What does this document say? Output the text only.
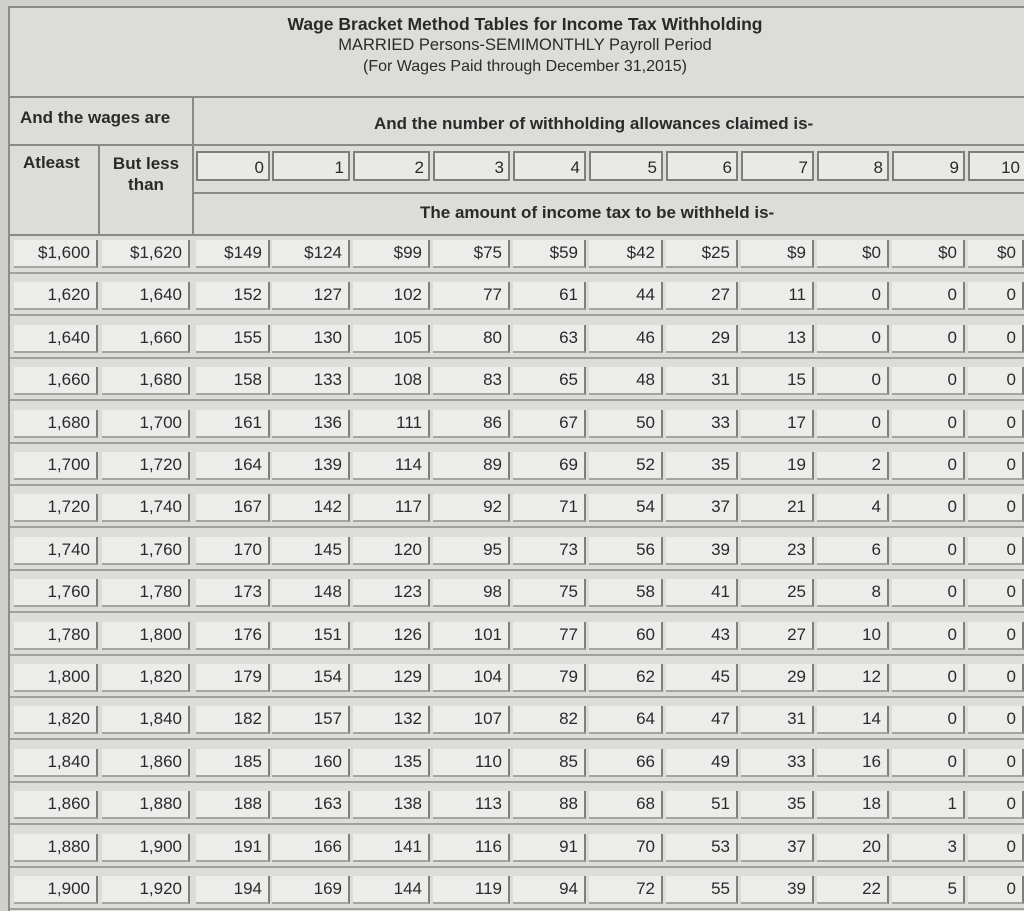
Wage Bracket Method Tables for Income Tax Withholding
MARRIED Persons-SEMIMONTHLY Payroll Period
(For Wages Paid through December 31,2015)
And the wages are	And the number of withholding allowances claimed is-
Atleast	But less than
The amount of income tax to be withheld is-
0	1	2	3	4	5	6	7	8	9	10
$1,600	$1,620	$149	$124	$99	$75	$59	$42	$25	$9	$0	$0	$0
1,620	1,640	152	127	102	77	61	44	27	11	0	0	0
1,640	1,660	155	130	105	80	63	46	29	13	0	0	0
1,660	1,680	158	133	108	83	65	48	31	15	0	0	0
1,680	1,700	161	136	111	86	67	50	33	17	0	0	0
1,700	1,720	164	139	114	89	69	52	35	19	2	0	0
1,720	1,740	167	142	117	92	71	54	37	21	4	0	0
1,740	1,760	170	145	120	95	73	56	39	23	6	0	0
1,760	1,780	173	148	123	98	75	58	41	25	8	0	0
1,780	1,800	176	151	126	101	77	60	43	27	10	0	0
1,800	1,820	179	154	129	104	79	62	45	29	12	0	0
1,820	1,840	182	157	132	107	82	64	47	31	14	0	0
1,840	1,860	185	160	135	110	85	66	49	33	16	0	0
1,860	1,880	188	163	138	113	88	68	51	35	18	1	0
1,880	1,900	191	166	141	116	91	70	53	37	20	3	0
1,900	1,920	194	169	144	119	94	72	55	39	22	5	0
